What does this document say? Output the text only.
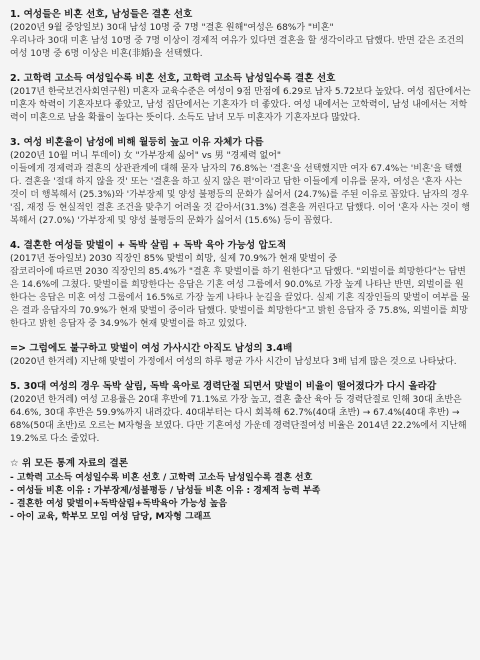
1. 여성들은 비혼 선호, 남성들은 결혼 선호
(2020년 9월 중앙일보) 30대 남성 10명 중 7명 "결혼 원해"여성은 68%가 "비혼"
우리나라 30대 미혼 남성 10명 중 7명 이상이 경제적 여유가 있다면 결혼을 할 생각이라고 답했다. 반면 같은 조건의 여성 10명 중 6명 이상은 비혼(非婚)을 선택했다.
2. 고학력 고소득 여성일수록 비혼 선호, 고학력 고소득 남성일수록 결혼 선호
(2017년 한국보건사회연구원) 미혼자 교육수준은 여성이 9점 만점에 6.29로 남자 5.72보다 높았다. 여성 집단에서는 미혼자 학력이 기혼자보다 좋았고, 남성 집단에서는 기혼자가 더 좋았다. 여성 내에서는 고학력이, 남성 내에서는 저학력이 미혼으로 남을 확률이 높다는 뜻이다. 소득도 남녀 모두 미혼자가 기혼자보다 많았다.
3. 여성 비혼율이 남성에 비해 월등히 높고 이유 자체가 다름
(2020년 10월 머니 투데이) 女 "가부장제 싫어" vs 男 "경제력 없어"
이들에게 경제력과 결혼의 상관관계에 대해 묻자 남자의 76.8%는 '결혼'을 선택했지만 여자 67.4%는 '비혼'을 택했다. 결혼을 '절대 하지 않을 것' 또는 '결혼을 하고 싶지 않은 편'이라고 답한 이들에게 이유를 묻자, 여성은 '혼자 사는 것이 더 행복해서 (25.3%)와 '가부장제 및 양성 불평등의 문화가 싫어서 (24.7%)를 주된 이유로 꼽았다. 남자의 경우 '집, 재정 등 현실적인 결혼 조건을 맞추기 어려울 것 같아서(31.3%) 결혼을 꺼린다고 답했다. 이어 '혼자 사는 것이 행복해서 (27.0%) '가부장제 및 양성 불평등의 문화가 싫어서 (15.6%) 등이 꼽혔다.
4. 결혼한 여성들 맞벌이 + 독박 살림 + 독박 육아 가능성 압도적
(2017년 동아일보) 2030 직장인 85% 맞벌이 희망, 실제 70.9%가 현재 맞벌이 중
잡코리아에 따르면 2030 직장인의 85.4%가 "결혼 후 맞벌이를 하기 원한다"고 답했다. "외벌이를 희망한다"는 답변은 14.6%에 그쳤다. 맞벌이를 희망한다는 응답은 기혼 여성 그룹에서 90.0%로 가장 높게 나타난 반면, 외벌이를 원한다는 응답은 미혼 여성 그룹에서 16.5%로 가장 높게 나타나 눈길을 끌었다. 실제 기혼 직장인들의 맞벌이 여부를 물은 결과 응답자의 70.9%가 현재 맞벌이 중이라 답했다. 맞벌이를 희망한다"고 밝힌 응답자 중 75.8%, 외벌이를 희망한다고 밝힌 응답자 중 34.9%가 현재 맞벌이를 하고 있었다.
=> 그럼에도 불구하고 맞벌이 여성 가사시간 아직도 남성의 3.4배
(2020년 한겨레) 지난해 맞벌이 가정에서 여성의 하루 평균 가사 시간이 남성보다 3배 넘게 많은 것으로 나타났다.
5. 30대 여성의 경우 독박 살림, 독박 육아로 경력단절 되면서 맞벌이 비율이 떨어졌다가 다시 올라감
(2020년 한겨레) 여성 고용률은 20대 후반에 71.1%로 가장 높고, 결혼 출산 육아 등 경력단절로 인해 30대 초반은 64.6%, 30대 후반은 59.9%까지 내려갔다. 40대부터는 다시 회복해 62.7%(40대 초반) → 67.4%(40대 후반) → 68%(50대 초반)로 오르는 M자형을 보였다. 다만 기혼여성 가운데 경력단절여성 비율은 2014년 22.2%에서 지난해 19.2%로 다소 줄었다.
☆ 위 모든 통계 자료의 결론
- 고학력 고소득 여성일수록 비혼 선호 / 고학력 고소득 남성일수록 결혼 선호
- 여성들 비혼 이유 : 가부장제/성불평등 / 남성들 비혼 이유 : 경제적 능력 부족
- 결혼한 여성 맞벌이+독박살림+독박육아 가능성 높음
- 아이 교육, 학부모 모임 여성 담당, M자형 그래프
